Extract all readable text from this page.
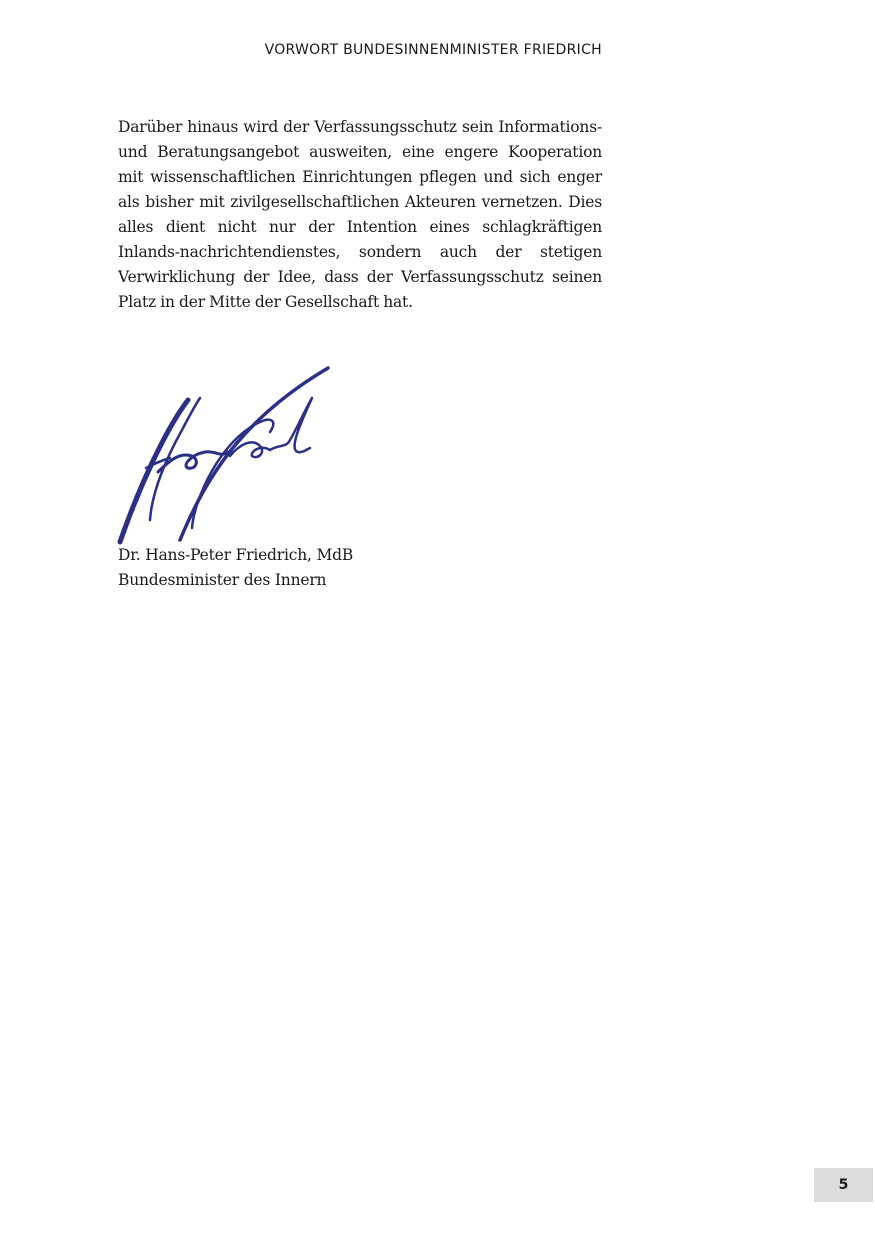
VORWORT BUNDESINNENMINISTER FRIEDRICH

Darüber hinaus wird der Verfassungsschutz sein Informations- und Beratungsangebot ausweiten, eine engere Kooperation mit wissenschaftlichen Einrichtungen pflegen und sich enger als bisher mit zivilgesellschaftlichen Akteuren vernetzen. Dies alles dient nicht nur der Intention eines schlagkräftigen Inlands-nachrichtendienstes, sondern auch der stetigen Verwirklichung der Idee, dass der Verfassungsschutz seinen Platz in der Mitte der Gesellschaft hat.

Dr. Hans-Peter Friedrich, MdB
Bundesminister des Innern
5
